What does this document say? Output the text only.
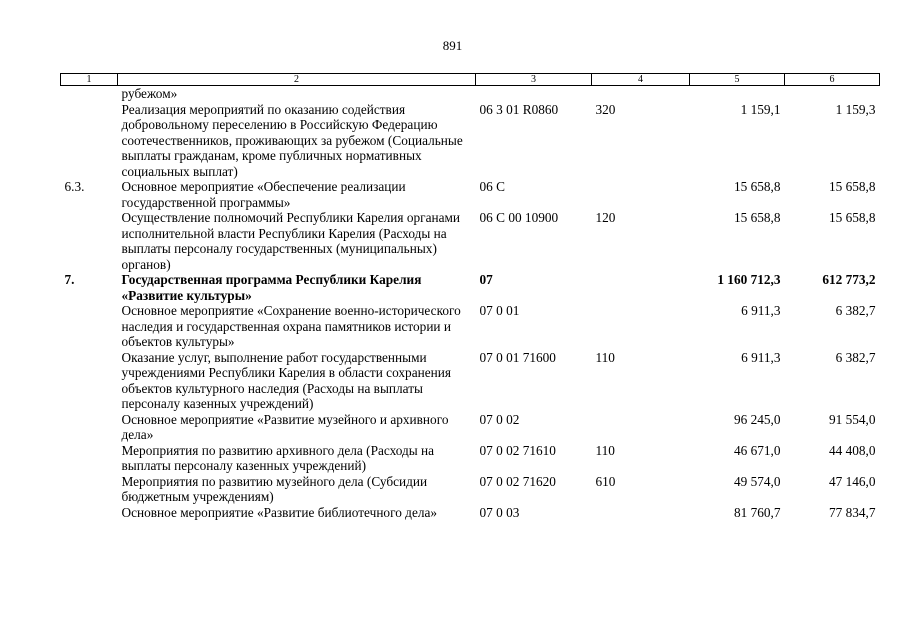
891
1	2	3	4	5	6
	рубежом»				
	Реализация мероприятий по оказанию содействия добровольному переселению в Российскую Федерацию соотечественников, проживающих за рубежом (Социальные выплаты гражданам, кроме публичных нормативных социальных выплат)	06 3 01 R0860	320	1 159,1	1 159,3
6.3.	Основное мероприятие «Обеспечение реализации государственной программы»	06 С		15 658,8	15 658,8
	Осуществление полномочий Республики Карелия органами исполнительной власти Республики Карелия (Расходы на выплаты персоналу государственных (муниципальных) органов)	06 С 00 10900	120	15 658,8	15 658,8
7.	Государственная программа Республики Карелия «Развитие культуры»	07		1 160 712,3	612 773,2
	Основное мероприятие «Сохранение военно-исторического наследия и государственная охрана памятников истории и объектов культуры»	07 0 01		6 911,3	6 382,7
	Оказание услуг, выполнение работ государственными учреждениями Республики Карелия в области сохранения объектов культурного наследия (Расходы на выплаты персоналу казенных учреждений)	07 0 01 71600	110	6 911,3	6 382,7
	Основное мероприятие «Развитие музейного и архивного дела»	07 0 02		96 245,0	91 554,0
	Мероприятия по развитию архивного дела (Расходы на выплаты персоналу казенных учреждений)	07 0 02 71610	110	46 671,0	44 408,0
	Мероприятия по развитию музейного дела (Субсидии бюджетным учреждениям)	07 0 02 71620	610	49 574,0	47 146,0
	Основное мероприятие «Развитие библиотечного дела»	07 0 03		81 760,7	77 834,7
